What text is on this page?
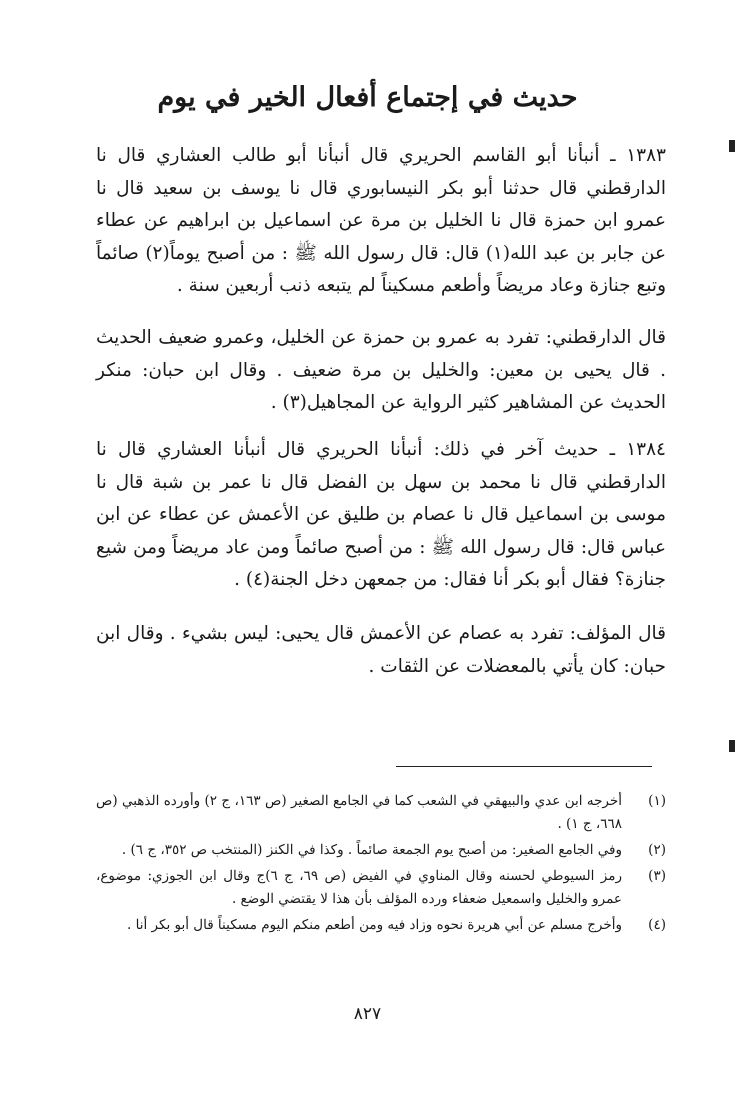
حديث في إجتماع أفعال الخير في يوم
١٣٨٣ ـ أنبأنا أبو القاسم الحريري قال أنبأنا أبو طالب العشاري قال نا الدارقطني قال حدثنا أبو بكر النيسابوري قال نا يوسف بن سعيد قال نا عمرو ابن حمزة قال نا الخليل بن مرة عن اسماعيل بن ابراهيم عن عطاء عن جابر بن عبد الله(١) قال: قال رسول الله ﷺ : من أصبح يوماً(٢) صائماً وتبع جنازة وعاد مريضاً وأطعم مسكيناً لم يتبعه ذنب أربعين سنة .
قال الدارقطني: تفرد به عمرو بن حمزة عن الخليل، وعمرو ضعيف الحديث . قال يحيى بن معين: والخليل بن مرة ضعيف . وقال ابن حبان: منكر الحديث عن المشاهير كثير الرواية عن المجاهيل(٣) .
١٣٨٤ ـ حديث آخر في ذلك: أنبأنا الحريري قال أنبأنا العشاري قال نا الدارقطني قال نا محمد بن سهل بن الفضل قال نا عمر بن شبة قال نا موسى بن اسماعيل قال نا عصام بن طليق عن الأعمش عن عطاء عن ابن عباس قال: قال رسول الله ﷺ : من أصبح صائماً ومن عاد مريضاً ومن شيع جنازة؟ فقال أبو بكر أنا فقال: من جمعهن دخل الجنة(٤) .
قال المؤلف: تفرد به عصام عن الأعمش قال يحيى: ليس بشيء . وقال ابن حبان: كان يأتي بالمعضلات عن الثقات .
(١)
أخرجه ابن عدي والبيهقي في الشعب كما في الجامع الصغير (ص ١٦٣، ج ٢) وأورده الذهبي (ص ٦٦٨، ج ١) .
(٢)
وفي الجامع الصغير: من أصبح يوم الجمعة صائماً . وكذا في الكنز (المنتخب ص ٣٥٢، ج ٦) .
(٣)
رمز السيوطي لحسنه وقال المناوي في الفيض (ص ٦٩، ج ٦)ج وقال ابن الجوزي: موضوع، عمرو والخليل واسمعيل ضعفاء ورده المؤلف بأن هذا لا يقتضي الوضع .
(٤)
وأخرج مسلم عن أبي هريرة نحوه وزاد فيه ومن أطعم منكم اليوم مسكيناً قال أبو بكر أنا .
٨٢٧
